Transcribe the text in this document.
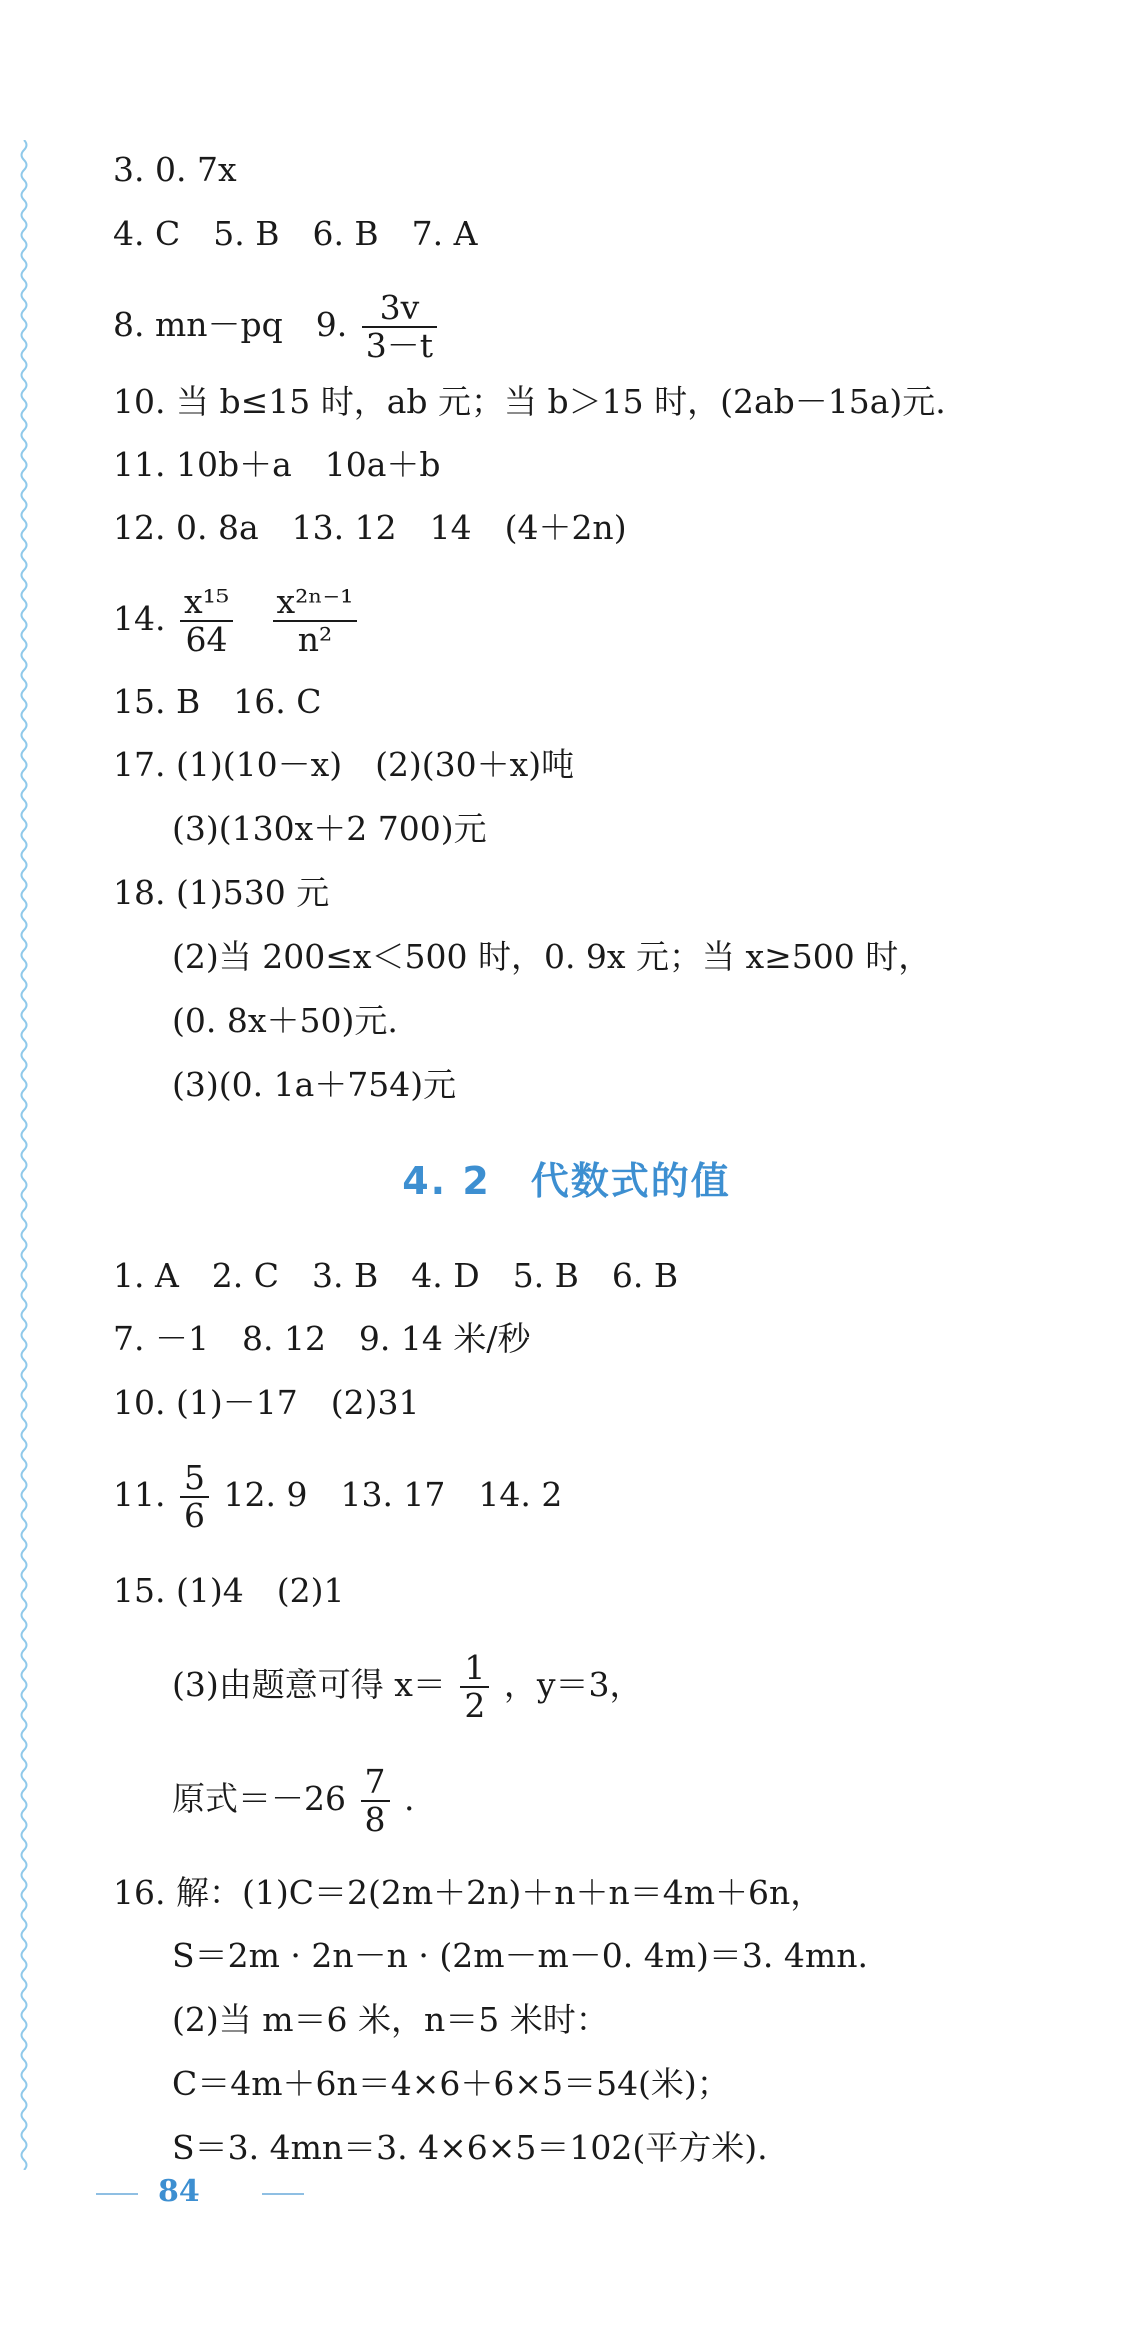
3. 0. 7x
4. C　5. B　6. B　7. A
8. mn－pq　9. $\frac{3v}{3-t}$
10. 当 b≤15 时，ab 元；当 b＞15 时，(2ab－15a)元.
11. 10b＋a　10a＋b
12. 0. 8a　13. 12　14　(4＋2n)
14. $\frac{\text{x¹⁵}}{64}$
$\frac{\text{x²ⁿ⁻¹}}{\text{n²}}$
15. B　16. C
17. (1)(10－x)　(2)(30＋x)吨
(3)(130x＋2 700)元
18. (1)530 元
(2)当 200≤x＜500 时，0. 9x 元；当 x≥500 时，
(0. 8x＋50)元.
(3)(0. 1a＋754)元
4. 2　代数式的值
1. A　2. C　3. B　4. D　5. B　6. B
7. －1　8. 12　9. 14 米/秒
10. (1)－17　(2)31
11. $\frac{5}{6} 12$. 9　13. 17　14. 2
15. (1)4　(2)1
(3)由题意可得 $x= \frac{1}{2}$ ，y＝3，
原式$=-26 \frac{7}{8}$ .
16. 解：(1)C＝2(2m＋2n)＋n＋n＝4m＋6n，
S＝2m · 2n－n · (2m－m－0. 4m)＝3. 4mn.
(2)当 m＝6 米，n＝5 米时：
C＝4m＋6n＝4×6＋6×5＝54(米)；
S＝3. 4mn＝3. 4×6×5＝102(平方米).
84
